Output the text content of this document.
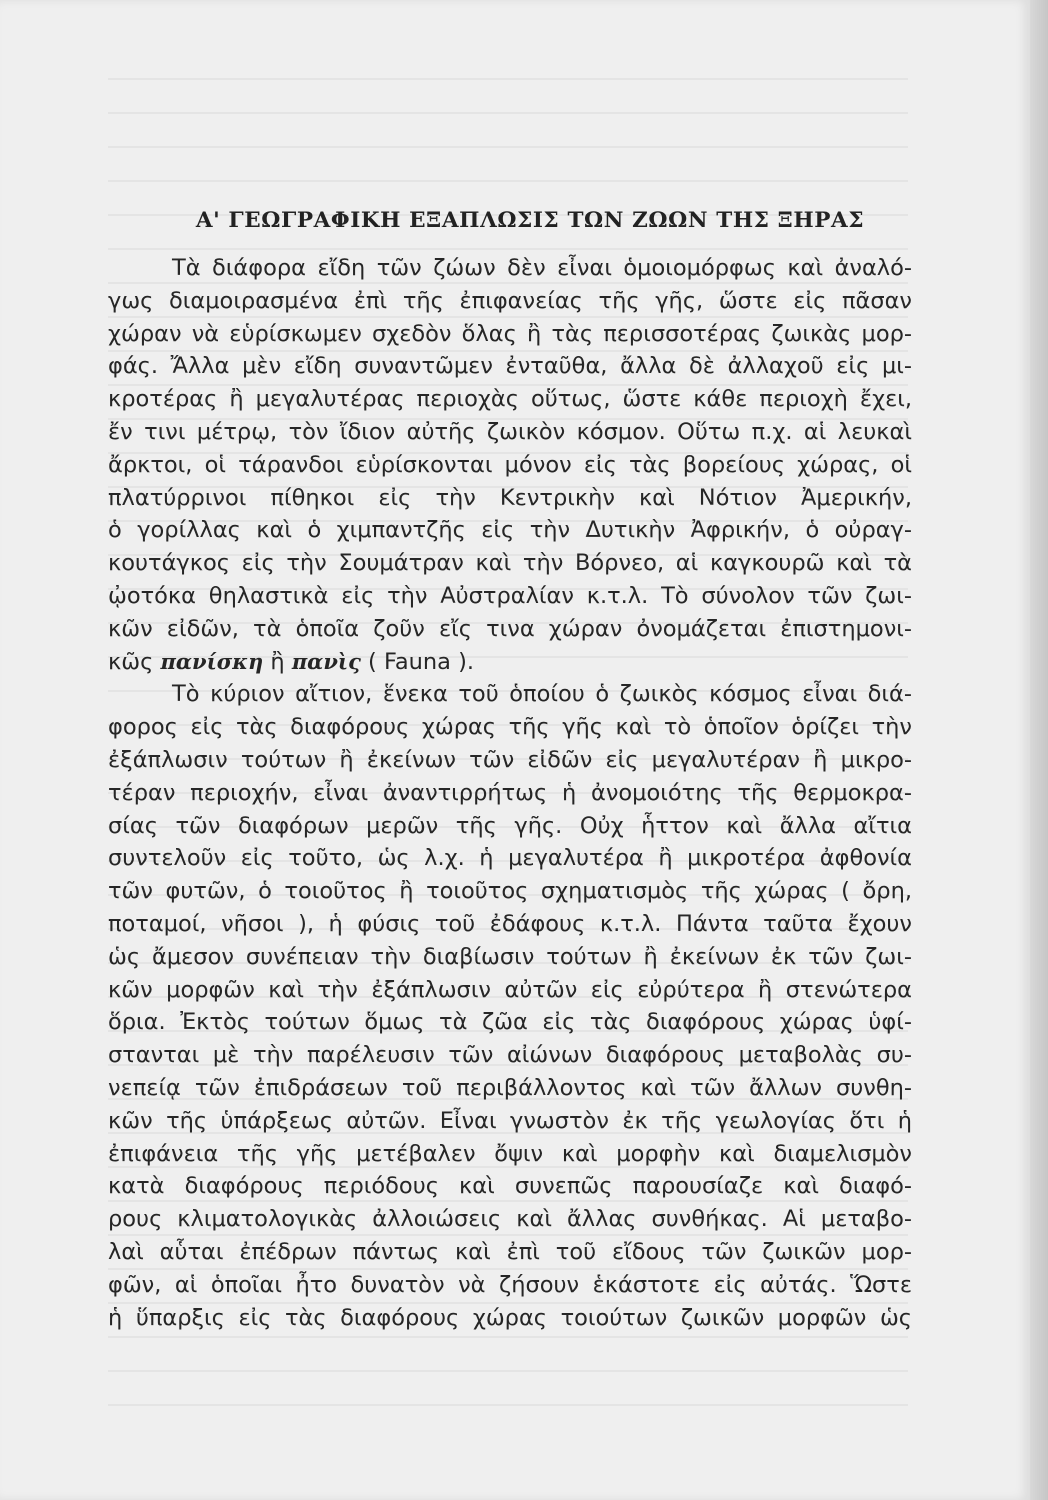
Α' ΓΕΩΓΡΑΦΙΚΗ ΕΞΑΠΛΩΣΙΣ ΤΩΝ ΖΩΩΝ ΤΗΣ ΞΗΡΑΣ
Τὰ διάφορα εἴδη τῶν ζώων δὲν εἶναι ὁμοιομόρφως καὶ ἀναλό-
γως διαμοιρασμένα ἐπὶ τῆς ἐπιφανείας τῆς γῆς, ὥστε εἰς πᾶσαν
χώραν νὰ εὑρίσκωμεν σχεδὸν ὅλας ἢ τὰς περισσοτέρας ζωικὰς μορ-
φάς. Ἄλλα μὲν εἴδη συναντῶμεν ἐνταῦθα, ἄλλα δὲ ἀλλαχοῦ εἰς μι-
κροτέρας ἢ μεγαλυτέρας περιοχὰς οὕτως, ὥστε κάθε περιοχὴ ἔχει,
ἔν τινι μέτρῳ, τὸν ἴδιον αὐτῆς ζωικὸν κόσμον. Οὕτω π.χ. αἱ λευκαὶ
ἄρκτοι, οἱ τάρανδοι εὑρίσκονται μόνον εἰς τὰς βορείους χώρας, οἱ
πλατύρρινοι πίθηκοι εἰς τὴν Κεντρικὴν καὶ Νότιον Ἀμερικήν,
ὁ γορίλλας καὶ ὁ χιμπαντζῆς εἰς τὴν Δυτικὴν Ἀφρικήν, ὁ οὐραγ-
κουτάγκος εἰς τὴν Σουμάτραν καὶ τὴν Βόρνεο, αἱ καγκουρῶ καὶ τὰ
ᾠοτόκα θηλαστικὰ εἰς τὴν Αὐστραλίαν κ.τ.λ. Τὸ σύνολον τῶν ζωι-
κῶν εἰδῶν, τὰ ὁποῖα ζοῦν εἴς τινα χώραν ὀνομάζεται ἐπιστημονι-
κῶς πανίσκη ἢ πανὶς ( Fauna ).
Τὸ κύριον αἴτιον, ἕνεκα τοῦ ὁποίου ὁ ζωικὸς κόσμος εἶναι διά-
φορος εἰς τὰς διαφόρους χώρας τῆς γῆς καὶ τὸ ὁποῖον ὁρίζει τὴν
ἐξάπλωσιν τούτων ἢ ἐκείνων τῶν εἰδῶν εἰς μεγαλυτέραν ἢ μικρο-
τέραν περιοχήν, εἶναι ἀναντιρρήτως ἡ ἀνομοιότης τῆς θερμοκρα-
σίας τῶν διαφόρων μερῶν τῆς γῆς. Οὐχ ἧττον καὶ ἄλλα αἴτια
συντελοῦν εἰς τοῦτο, ὡς λ.χ. ἡ μεγαλυτέρα ἢ μικροτέρα ἀφθονία
τῶν φυτῶν, ὁ τοιοῦτος ἢ τοιοῦτος σχηματισμὸς τῆς χώρας ( ὄρη,
ποταμοί, νῆσοι ), ἡ φύσις τοῦ ἐδάφους κ.τ.λ. Πάντα ταῦτα ἔχουν
ὡς ἄμεσον συνέπειαν τὴν διαβίωσιν τούτων ἢ ἐκείνων ἐκ τῶν ζωι-
κῶν μορφῶν καὶ τὴν ἐξάπλωσιν αὐτῶν εἰς εὐρύτερα ἢ στενώτερα
ὅρια. Ἐκτὸς τούτων ὅμως τὰ ζῶα εἰς τὰς διαφόρους χώρας ὑφί-
στανται μὲ τὴν παρέλευσιν τῶν αἰώνων διαφόρους μεταβολὰς συ-
νεπείᾳ τῶν ἐπιδράσεων τοῦ περιβάλλοντος καὶ τῶν ἄλλων συνθη-
κῶν τῆς ὑπάρξεως αὐτῶν. Εἶναι γνωστὸν ἐκ τῆς γεωλογίας ὅτι ἡ
ἐπιφάνεια τῆς γῆς μετέβαλεν ὄψιν καὶ μορφὴν καὶ διαμελισμὸν
κατὰ διαφόρους περιόδους καὶ συνεπῶς παρουσίαζε καὶ διαφό-
ρους κλιματολογικὰς ἀλλοιώσεις καὶ ἄλλας συνθήκας. Αἱ μεταβο-
λαὶ αὗται ἐπέδρων πάντως καὶ ἐπὶ τοῦ εἴδους τῶν ζωικῶν μορ-
φῶν, αἱ ὁποῖαι ἦτο δυνατὸν νὰ ζήσουν ἑκάστοτε εἰς αὐτάς. Ὥστε
ἡ ὕπαρξις εἰς τὰς διαφόρους χώρας τοιούτων ζωικῶν μορφῶν ὡς
